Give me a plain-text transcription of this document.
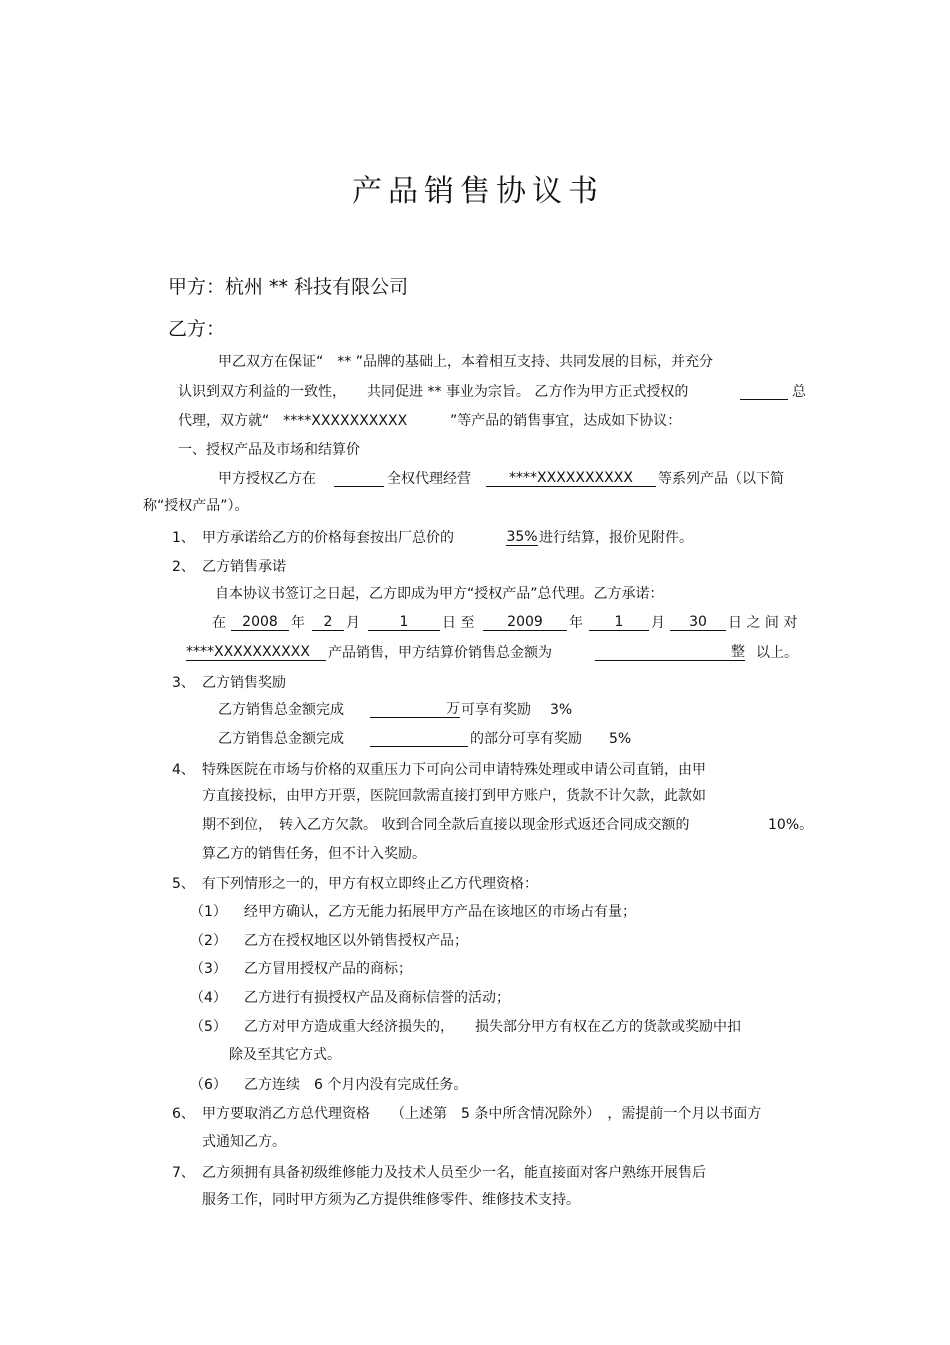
产品销售协议书
甲方：杭州 ** 科技有限公司
乙方：
甲乙双方在保证“　** ”品牌的基础上，本着相互支持、共同发展的目标，并充分
认识到双方利益的一致性，　　共同促进 ** 事业为宗旨。 乙方作为甲方正式授权的
	总
代理，双方就“　****XXXXXXXXXX	”等产品的销售事宜，达成如下协议：
一、授权产品及市场和结算价
甲方授权乙方在
	全权代理经营	****XXXXXXXXXX	等系列产品（以下简
称“授权产品”）。
1、 甲方承诺给乙方的价格每套按出厂总价的	35% 进行结算，报价见附件。
2、 乙方销售承诺
自本协议书签订之日起，乙方即成为甲方“授权产品”总代理。乙方承诺：
在	2008 年	2 月	1	日 至	2009	年	1	月	30	日 之 间 对
****XXXXXXXXXX	产品销售，甲方结算价销售总金额为	整 以上。
3、 乙方销售奖励
乙方销售总金额完成	万 可享有奖励 3%
乙方销售总金额完成
	的部分可享有奖励 5%
4、 特殊医院在市场与价格的双重压力下可向公司申请特殊处理或申请公司直销，由甲
方直接投标，由甲方开票，医院回款需直接打到甲方账户，货款不计欠款，此款如
期不到位，　转入乙方欠款。 收到合同全款后直接以现金形式返还合同成交额的	10%。
算乙方的销售任务，但不计入奖励。
5、 有下列情形之一的，甲方有权立即终止乙方代理资格：
（1） 经甲方确认，乙方无能力拓展甲方产品在该地区的市场占有量；
（2） 乙方在授权地区以外销售授权产品；
（3） 乙方冒用授权产品的商标；
（4） 乙方进行有损授权产品及商标信誉的活动；
（5） 乙方对甲方造成重大经济损失的，　　损失部分甲方有权在乙方的货款或奖励中扣
除及至其它方式。
（6） 乙方连续　6 个月内没有完成任务。
6、 甲方要取消乙方总代理资格　　（上述第　5 条中所含情况除外）　，需提前一个月以书面方
式通知乙方。
7、 乙方须拥有具备初级维修能力及技术人员至少一名，能直接面对客户熟练开展售后
服务工作，同时甲方须为乙方提供维修零件、维修技术支持。
